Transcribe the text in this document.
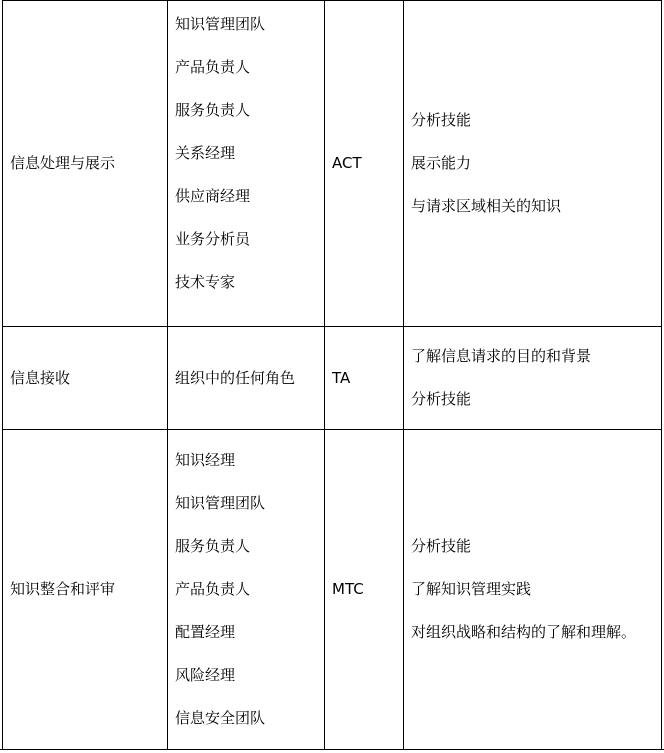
信息处理与展示
知识管理团队
产品负责人
服务负责人
关系经理
供应商经理
业务分析员
技术专家
ACT
分析技能
展示能力
与请求区域相关的知识
信息接收	组织中的任何角色	TA
了解信息请求的目的和背景
分析技能
知识整合和评审
知识经理
知识管理团队
服务负责人
产品负责人
配置经理
风险经理
信息安全团队
MTC
分析技能
了解知识管理实践
对组织战略和结构的了解和理解。
